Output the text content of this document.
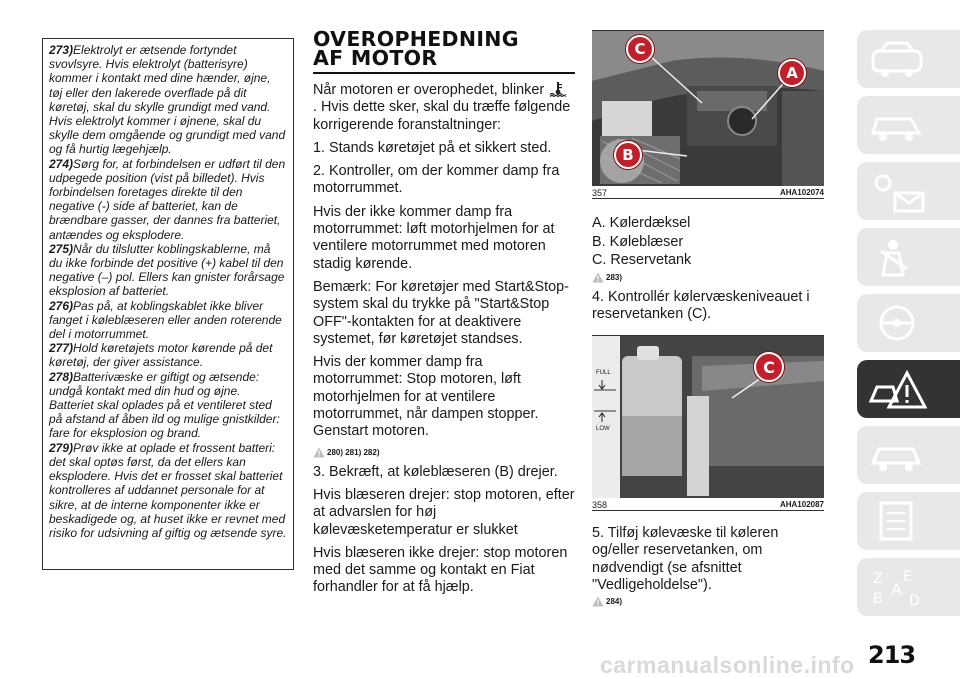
273)Elektrolyt er ætsende fortyndet svovlsyre. Hvis elektrolyt (batterisyre) kommer i kontakt med dine hænder, øjne, tøj eller den lakerede overflade på dit køretøj, skal du skylle grundigt med vand. Hvis elektrolyt kommer i øjnene, skal du skylle dem omgående og grundigt med vand og få hurtig lægehjælp.

274)Sørg for, at forbindelsen er udført til den udpegede position (vist på billedet). Hvis forbindelsen foretages direkte til den negative (-) side af batteriet, kan de brændbare gasser, der dannes fra batteriet, antændes og eksplodere.

275)Når du tilslutter koblingskablerne, må du ikke forbinde det positive (+) kabel til den negative (–) pol. Ellers kan gnister forårsage eksplosion af batteriet.

276)Pas på, at koblingskablet ikke bliver fanget i køleblæseren eller anden roterende del i motorrummet.

277)Hold køretøjets motor kørende på det køretøj, der giver assistance.

278)Batterivæske er giftigt og ætsende: undgå kontakt med din hud og øjne. Batteriet skal oplades på et ventileret sted på afstand af åben ild og mulige gnistkilder: fare for eksplosion og brand.

279)Prøv ikke at oplade et frossent batteri: det skal optøs først, da det ellers kan eksplodere. Hvis det er frosset skal batteriet kontrolleres af uddannet personale for at sikre, at de interne komponenter ikke er beskadigede og, at huset ikke er revnet med risiko for udsivning af giftig og ætsende syre.

OVEROPHEDNING
AF MOTOR

Når motoren er overophedet, blinker  . Hvis dette sker, skal du træffe følgende korrigerende foranstaltninger:

1. Stands køretøjet på et sikkert sted.

2. Kontroller, om der kommer damp fra motorrummet.

Hvis der ikke kommer damp fra motorrummet: løft motorhjelmen for at ventilere motorrummet med motoren stadig kørende.

Bemærk: For køretøjer med Start&Stop-system skal du trykke på "Start&Stop OFF"-kontakten for at deaktivere systemet, før køretøjet standses.

Hvis der kommer damp fra motorrummet: Stop motoren, løft motorhjelmen for at ventilere motorrummet, når dampen stopper. Genstart motoren.

280) 281) 282)

3. Bekræft, at køleblæseren (B) drejer.

Hvis blæseren drejer: stop motoren, efter at advarslen for høj kølevæsketemperatur er slukket

Hvis blæseren ikke drejer: stop motoren med det samme og kontakt en Fiat forhandler for at få hjælp.

C
A
B
357	AHA102074

A. Kølerdæksel

B. Køleblæser

C. Reservetank

283)

4. Kontrollér kølervæskeniveauet i reservetanken (C).

FULL
LOW
C
358	AHA102087

5. Tilføj kølevæske til køleren og/eller reservetanken, om nødvendigt (se afsnittet "Vedligeholdelse").

284)
Z E
B A
D
213
carmanualsonline.info
